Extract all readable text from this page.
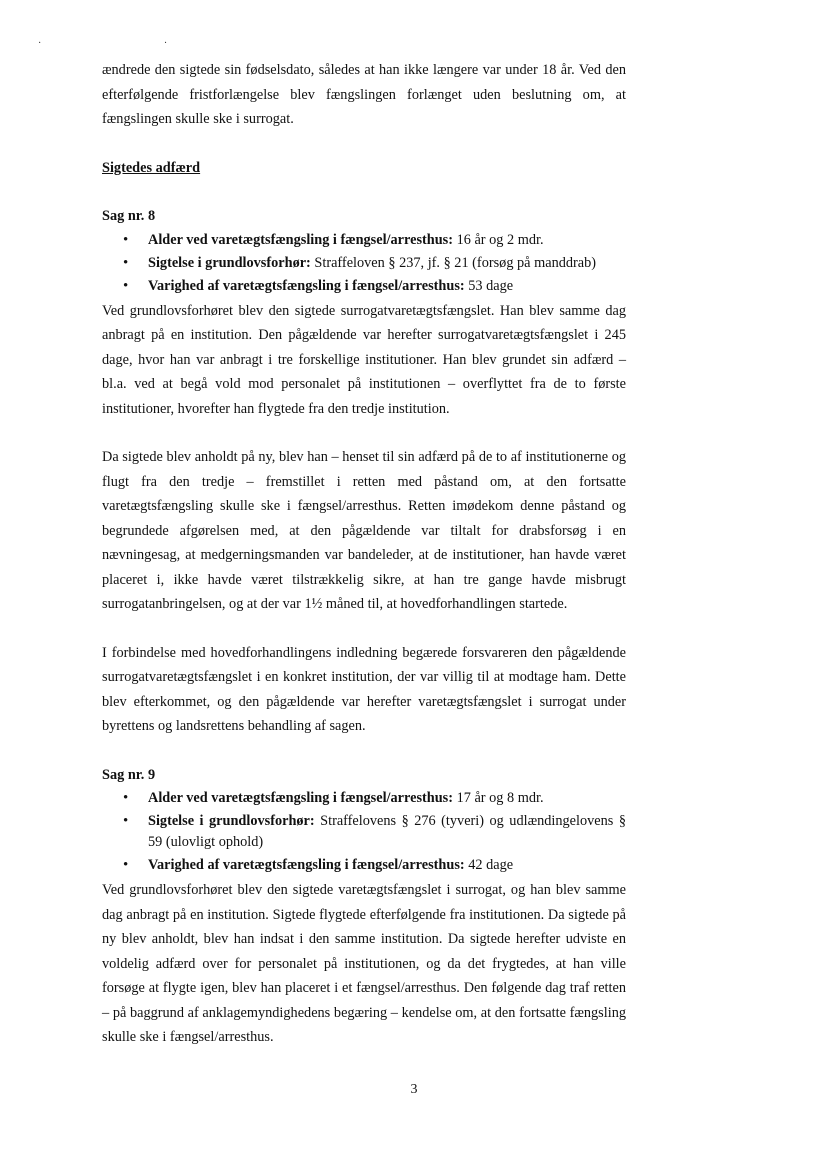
· ·

ændrede den sigtede sin fødselsdato, således at han ikke længere var under 18 år. Ved den efterfølgende fristforlængelse blev fængslingen forlænget uden beslutning om, at fængslingen skulle ske i surrogat.

Sigtedes adfærd

Sag nr. 8

• Alder ved varetægtsfængsling i fængsel/arresthus: 16 år og 2 mdr.
• Sigtelse i grundlovsforhør: Straffeloven § 237, jf. § 21 (forsøg på manddrab)
• Varighed af varetægtsfængsling i fængsel/arresthus: 53 dage

Ved grundlovsforhøret blev den sigtede surrogatvaretægtsfængslet. Han blev samme dag anbragt på en institution. Den pågældende var herefter surrogatvaretægtsfængslet i 245 dage, hvor han var anbragt i tre forskellige institutioner. Han blev grundet sin adfærd – bl.a. ved at begå vold mod personalet på institutionen – overflyttet fra de to første institutioner, hvorefter han flygtede fra den tredje institution.

Da sigtede blev anholdt på ny, blev han – henset til sin adfærd på de to af institutionerne og flugt fra den tredje – fremstillet i retten med påstand om, at den fortsatte varetægtsfængsling skulle ske i fængsel/arresthus. Retten imødekom denne påstand og begrundede afgørelsen med, at den pågældende var tiltalt for drabsforsøg i en nævningesag, at medgerningsmanden var bandeleder, at de institutioner, han havde været placeret i, ikke havde været tilstrækkelig sikre, at han tre gange havde misbrugt surrogatanbringelsen, og at der var 1½ måned til, at hovedforhandlingen startede.

I forbindelse med hovedforhandlingens indledning begærede forsvareren den pågældende surrogatvaretægtsfængslet i en konkret institution, der var villig til at modtage ham. Dette blev efterkommet, og den pågældende var herefter varetægtsfængslet i surrogat under byrettens og landsrettens behandling af sagen.

Sag nr. 9

• Alder ved varetægtsfængsling i fængsel/arresthus: 17 år og 8 mdr.
• Sigtelse i grundlovsforhør: Straffelovens § 276 (tyveri) og udlændingelovens § 59 (ulovligt ophold)
• Varighed af varetægtsfængsling i fængsel/arresthus: 42 dage

Ved grundlovsforhøret blev den sigtede varetægtsfængslet i surrogat, og han blev samme dag anbragt på en institution. Sigtede flygtede efterfølgende fra institutionen. Da sigtede på ny blev anholdt, blev han indsat i den samme institution. Da sigtede herefter udviste en voldelig adfærd over for personalet på institutionen, og da det frygtedes, at han ville forsøge at flygte igen, blev han placeret i et fængsel/arresthus. Den følgende dag traf retten – på baggrund af anklagemyndighedens begæring – kendelse om, at den fortsatte fængsling skulle ske i fængsel/arresthus.

3
